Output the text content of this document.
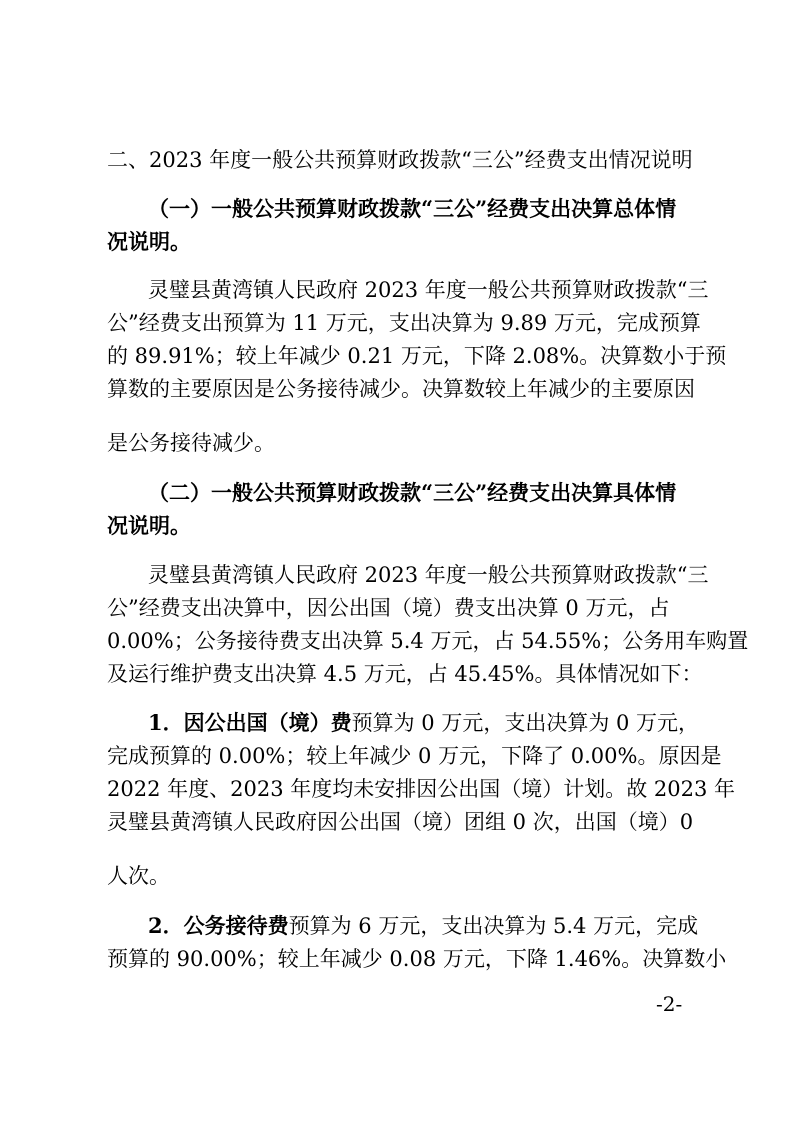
二、2023 年度一般公共预算财政拨款“三公”经费支出情况说明
（一）一般公共预算财政拨款“三公”经费支出决算总体情
况说明。
灵璧县黄湾镇人民政府 2023 年度一般公共预算财政拨款“三
公”经费支出预算为 11 万元，支出决算为 9.89 万元，完成预算
的 89.91%；较上年减少 0.21 万元，下降 2.08%。决算数小于预
算数的主要原因是公务接待减少。决算数较上年减少的主要原因
是公务接待减少。
（二）一般公共预算财政拨款“三公”经费支出决算具体情
况说明。
灵璧县黄湾镇人民政府 2023 年度一般公共预算财政拨款“三
公”经费支出决算中，因公出国（境）费支出决算 0 万元，占
0.00%；公务接待费支出决算 5.4 万元，占 54.55%；公务用车购置
及运行维护费支出决算 4.5 万元，占 45.45%。具体情况如下：
1．因公出国（境）费预算为 0 万元，支出决算为 0 万元，
完成预算的 0.00%；较上年减少 0 万元，下降了 0.00%。原因是
2022 年度、2023 年度均未安排因公出国（境）计划。故 2023 年
灵璧县黄湾镇人民政府因公出国（境）团组 0 次，出国（境）0
人次。
2．公务接待费预算为 6 万元，支出决算为 5.4 万元，完成
预算的 90.00%；较上年减少 0.08 万元，下降 1.46%。决算数小
-2-
